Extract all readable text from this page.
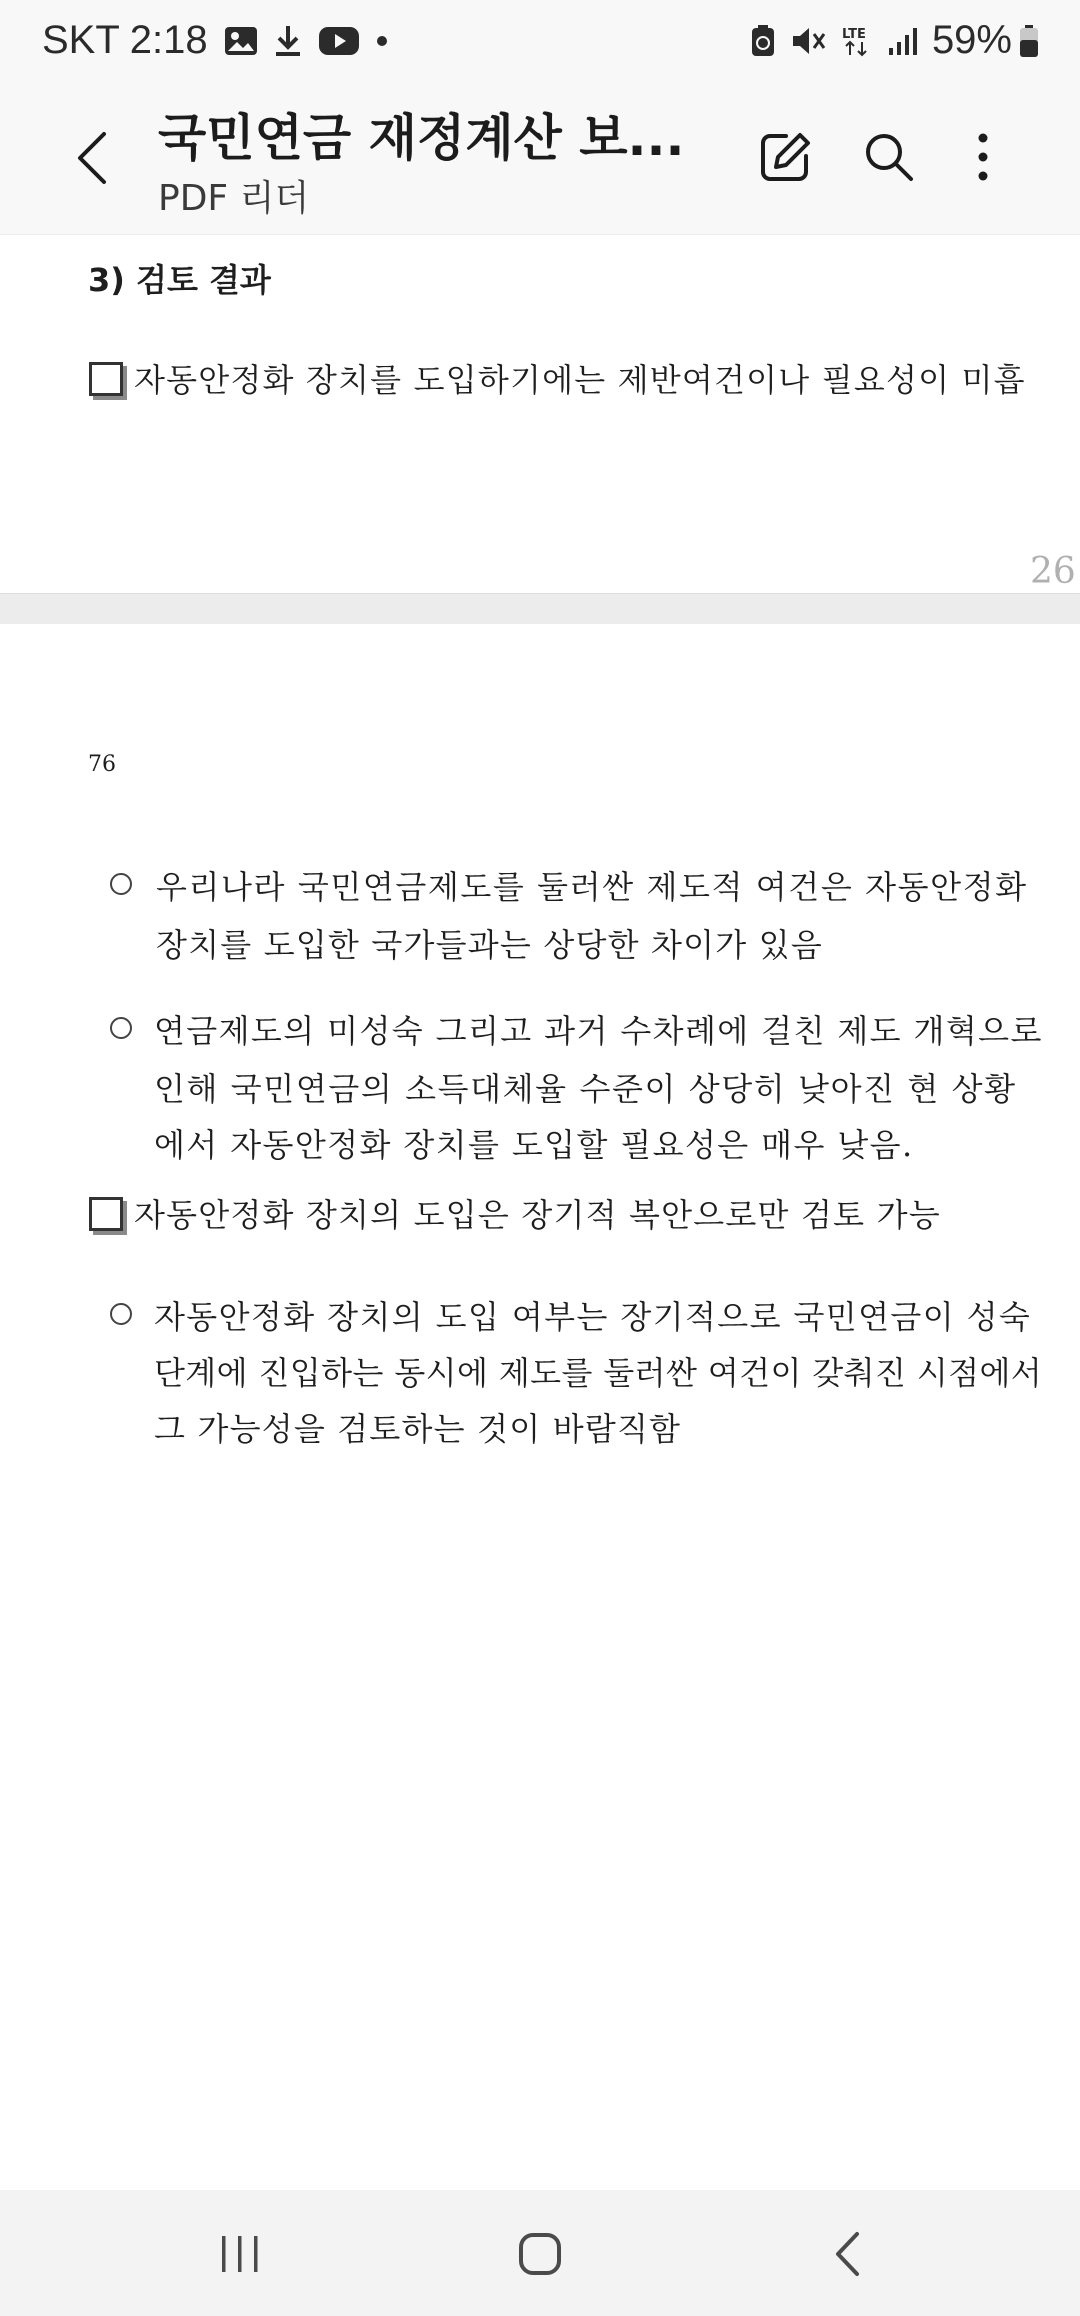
SKT 2:18	LTE 59%
국민연금 재정계산 보...
PDF 리더
3) 검토 결과
자동안정화 장치를 도입하기에는 제반여건이나 필요성이 미흡
26
76
우리나라 국민연금제도를 둘러싼 제도적 여건은 자동안정화
장치를 도입한 국가들과는 상당한 차이가 있음
연금제도의 미성숙 그리고 과거 수차례에 걸친 제도 개혁으로
인해 국민연금의 소득대체율 수준이 상당히 낮아진 현 상황
에서 자동안정화 장치를 도입할 필요성은 매우 낮음.
자동안정화 장치의 도입은 장기적 복안으로만 검토 가능
자동안정화 장치의 도입 여부는 장기적으로 국민연금이 성숙
단계에 진입하는 동시에 제도를 둘러싼 여건이 갖춰진 시점에서
그 가능성을 검토하는 것이 바람직함
